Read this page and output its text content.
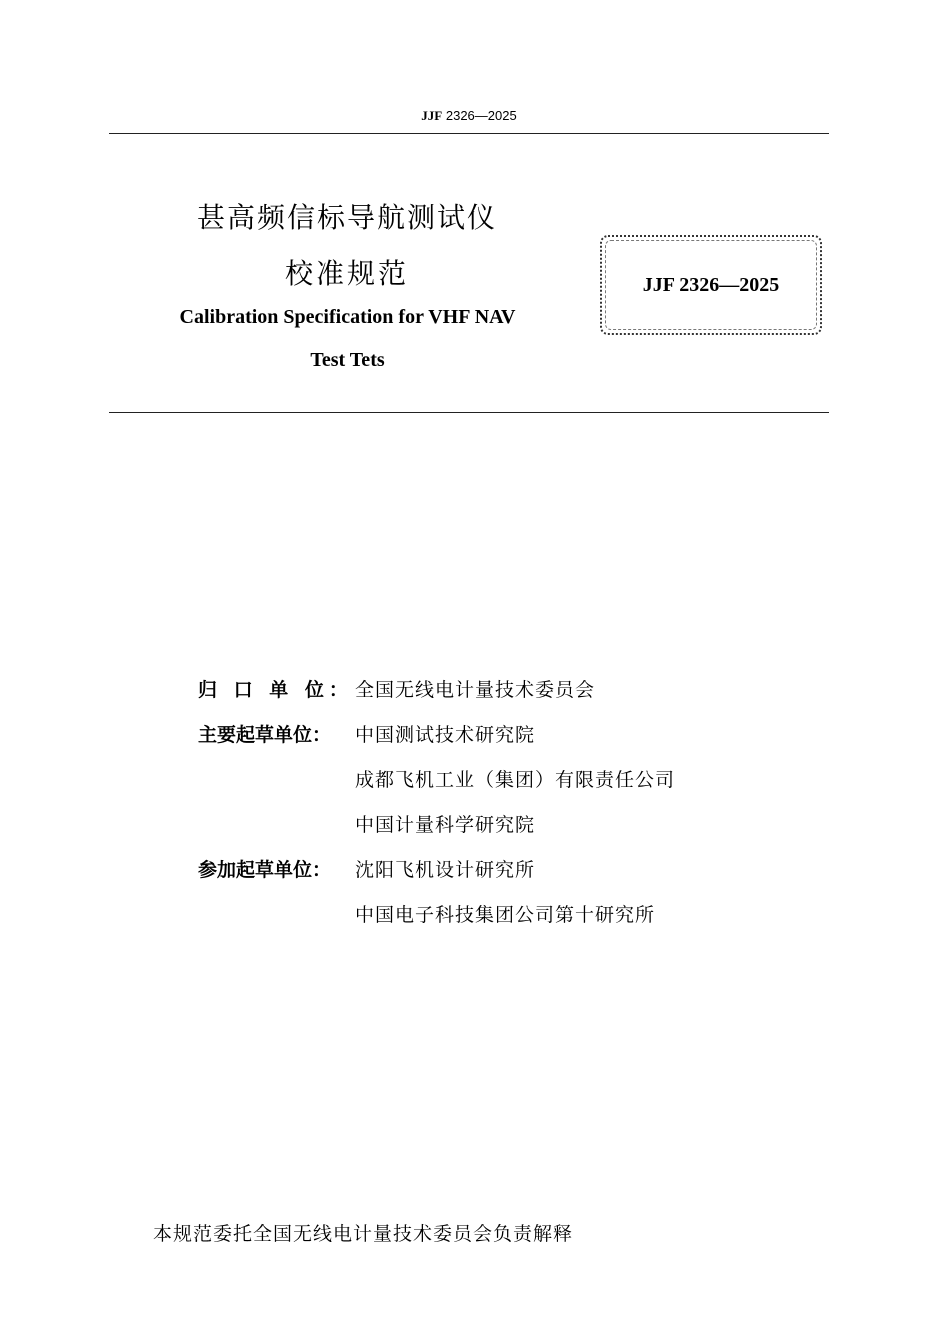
JJF 2326—2025
甚高频信标导航测试仪
校准规范
Calibration Specification for VHF NAV
Test Tets
JJF 2326—2025
归 口 单 位： 全国无线电计量技术委员会
主要起草单位： 中国测试技术研究院
成都飞机工业（集团）有限责任公司
中国计量科学研究院
参加起草单位： 沈阳飞机设计研究所
中国电子科技集团公司第十研究所
本规范委托全国无线电计量技术委员会负责解释
